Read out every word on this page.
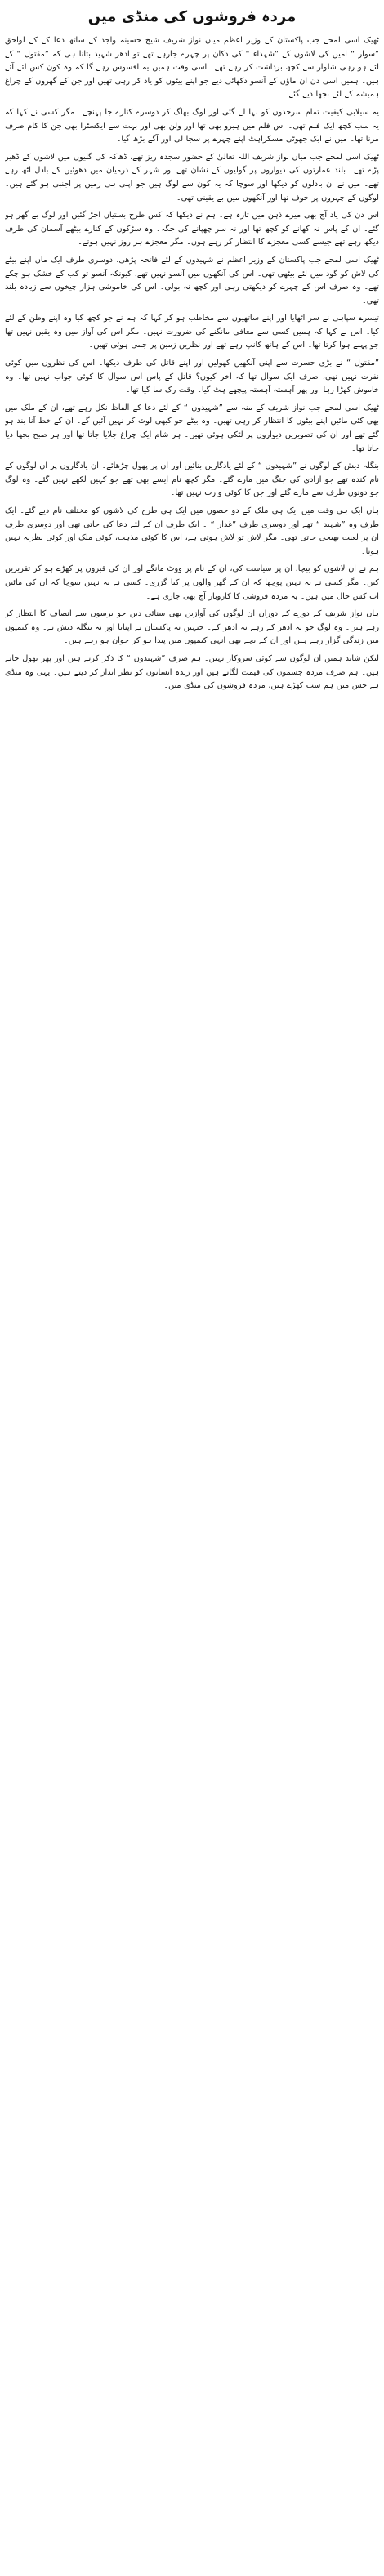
مردہ فروشوں کی منڈی میں

ٹھیک اسی لمحے جب پاکستان کے وزیر اعظم میاں نواز شریف شیخ حسینہ واجد کے ساتھ دعا کے کے لواحق ”سوار “ امیں کی لاشوں کے ”شہداء “ کی دکان پر چہرے جارہے تھے تو ادھر شہید بتانا ہی کہ ”مقتول “ کے لئے ہو رہی شلوار سے کچھ برداشت کر رہے تھے۔ اسی وقت ہمیں یہ افسوس رہے گا کہ وہ کون کس لئے آئے ہیں۔ ہمیں اسی دن ان ماؤں کے آنسو دکھائی دیے جو اپنے بیٹوں کو یاد کر رہی تھیں اور جن کے گھروں کے چراغ ہمیشہ کے لئے بجھا دیے گئے۔

یہ سیلابی کیفیت تمام سرحدوں کو بہا لے گئی اور لوگ بھاگ کر دوسرے کنارے جا پہنچے۔ مگر کسی نے کہا کہ یہ سب کچھ ایک فلم تھی۔ اس فلم میں ہیرو بھی تھا اور ولن بھی اور بہت سے ایکسٹرا بھی جن کا کام صرف مرنا تھا۔ میں نے ایک جھوٹی مسکراہٹ اپنے چہرے پر سجا لی اور آگے بڑھ گیا۔

ٹھیک اسی لمحے جب میاں نواز شریف اللہ تعالیٰ کے حضور سجدہ ریز تھے، ڈھاکہ کی گلیوں میں لاشوں کے ڈھیر پڑے تھے۔ بلند عمارتوں کی دیواروں پر گولیوں کے نشان تھے اور شہر کے درمیان میں دھوئیں کے بادل اٹھ رہے تھے۔ میں نے ان بادلوں کو دیکھا اور سوچا کہ یہ کون سے لوگ ہیں جو اپنی ہی زمین پر اجنبی ہو گئے ہیں۔ لوگوں کے چہروں پر خوف تھا اور آنکھوں میں بے یقینی تھی۔

اس دن کی یاد آج بھی میرے ذہن میں تازہ ہے۔ ہم نے دیکھا کہ کس طرح بستیاں اجڑ گئیں اور لوگ بے گھر ہو گئے۔ ان کے پاس نہ کھانے کو کچھ تھا اور نہ سر چھپانے کی جگہ۔ وہ سڑکوں کے کنارے بیٹھے آسمان کی طرف دیکھ رہے تھے جیسے کسی معجزے کا انتظار کر رہے ہوں۔ مگر معجزے ہر روز نہیں ہوتے۔

ٹھیک اسی لمحے جب پاکستان کے وزیر اعظم نے شہیدوں کے لئے فاتحہ پڑھی، دوسری طرف ایک ماں اپنے بیٹے کی لاش کو گود میں لئے بیٹھی تھی۔ اس کی آنکھوں میں آنسو نہیں تھے، کیونکہ آنسو تو کب کے خشک ہو چکے تھے۔ وہ صرف اس کے چہرے کو دیکھتی رہی اور کچھ نہ بولی۔ اس کی خاموشی ہزار چیخوں سے زیادہ بلند تھی۔

تیسرے سپاہی نے سر اٹھایا اور اپنے ساتھیوں سے مخاطب ہو کر کہا کہ ہم نے جو کچھ کیا وہ اپنے وطن کے لئے کیا۔ اس نے کہا کہ ہمیں کسی سے معافی مانگنے کی ضرورت نہیں۔ مگر اس کی آواز میں وہ یقین نہیں تھا جو پہلے ہوا کرتا تھا۔ اس کے ہاتھ کانپ رہے تھے اور نظریں زمین پر جمی ہوئی تھیں۔

”مقتول “ نے بڑی حسرت سے اپنی آنکھیں کھولیں اور اپنے قاتل کی طرف دیکھا۔ اس کی نظروں میں کوئی نفرت نہیں تھی، صرف ایک سوال تھا کہ آخر کیوں؟ قاتل کے پاس اس سوال کا کوئی جواب نہیں تھا۔ وہ خاموش کھڑا رہا اور پھر آہستہ آہستہ پیچھے ہٹ گیا۔ وقت رک سا گیا تھا۔

ٹھیک اسی لمحے جب نواز شریف کے منہ سے ”شہیدوں “ کے لئے دعا کے الفاظ نکل رہے تھے، ان کے ملک میں بھی کئی مائیں اپنے بیٹوں کا انتظار کر رہی تھیں۔ وہ بیٹے جو کبھی لوٹ کر نہیں آئیں گے۔ ان کے خط آنا بند ہو گئے تھے اور ان کی تصویریں دیواروں پر لٹکی ہوئی تھیں۔ ہر شام ایک چراغ جلایا جاتا تھا اور ہر صبح بجھا دیا جاتا تھا۔

بنگلہ دیش کے لوگوں نے ”شہیدوں “ کے لئے یادگاریں بنائیں اور ان پر پھول چڑھائے۔ ان یادگاروں پر ان لوگوں کے نام کندہ تھے جو آزادی کی جنگ میں مارے گئے۔ مگر کچھ نام ایسے بھی تھے جو کہیں لکھے نہیں گئے۔ وہ لوگ جو دونوں طرف سے مارے گئے اور جن کا کوئی وارث نہیں تھا۔

ہاں ایک ہی وقت میں ایک ہی ملک کے دو حصوں میں ایک ہی طرح کی لاشوں کو مختلف نام دیے گئے۔ ایک طرف وہ ”شہید “ تھے اور دوسری طرف ”غدار “ ۔ ایک طرف ان کے لئے دعا کی جاتی تھی اور دوسری طرف ان پر لعنت بھیجی جاتی تھی۔ مگر لاش تو لاش ہوتی ہے، اس کا کوئی مذہب، کوئی ملک اور کوئی نظریہ نہیں ہوتا۔

ہم نے ان لاشوں کو بیچا، ان پر سیاست کی، ان کے نام پر ووٹ مانگے اور ان کی قبروں پر کھڑے ہو کر تقریریں کیں۔ مگر کسی نے یہ نہیں پوچھا کہ ان کے گھر والوں پر کیا گزری۔ کسی نے یہ نہیں سوچا کہ ان کی مائیں اب کس حال میں ہیں۔ یہ مردہ فروشی کا کاروبار آج بھی جاری ہے۔

ہاں نواز شریف کے دورے کے دوران ان لوگوں کی آوازیں بھی سنائی دیں جو برسوں سے انصاف کا انتظار کر رہے ہیں۔ وہ لوگ جو نہ ادھر کے رہے نہ ادھر کے۔ جنہیں نہ پاکستان نے اپنایا اور نہ بنگلہ دیش نے۔ وہ کیمپوں میں زندگی گزار رہے ہیں اور ان کے بچے بھی انہی کیمپوں میں پیدا ہو کر جوان ہو رہے ہیں۔

لیکن شاید ہمیں ان لوگوں سے کوئی سروکار نہیں۔ ہم صرف ”شہیدوں “ کا ذکر کرتے ہیں اور پھر بھول جاتے ہیں۔ ہم صرف مردہ جسموں کی قیمت لگاتے ہیں اور زندہ انسانوں کو نظر انداز کر دیتے ہیں۔ یہی وہ منڈی ہے جس میں ہم سب کھڑے ہیں، مردہ فروشوں کی منڈی میں۔
